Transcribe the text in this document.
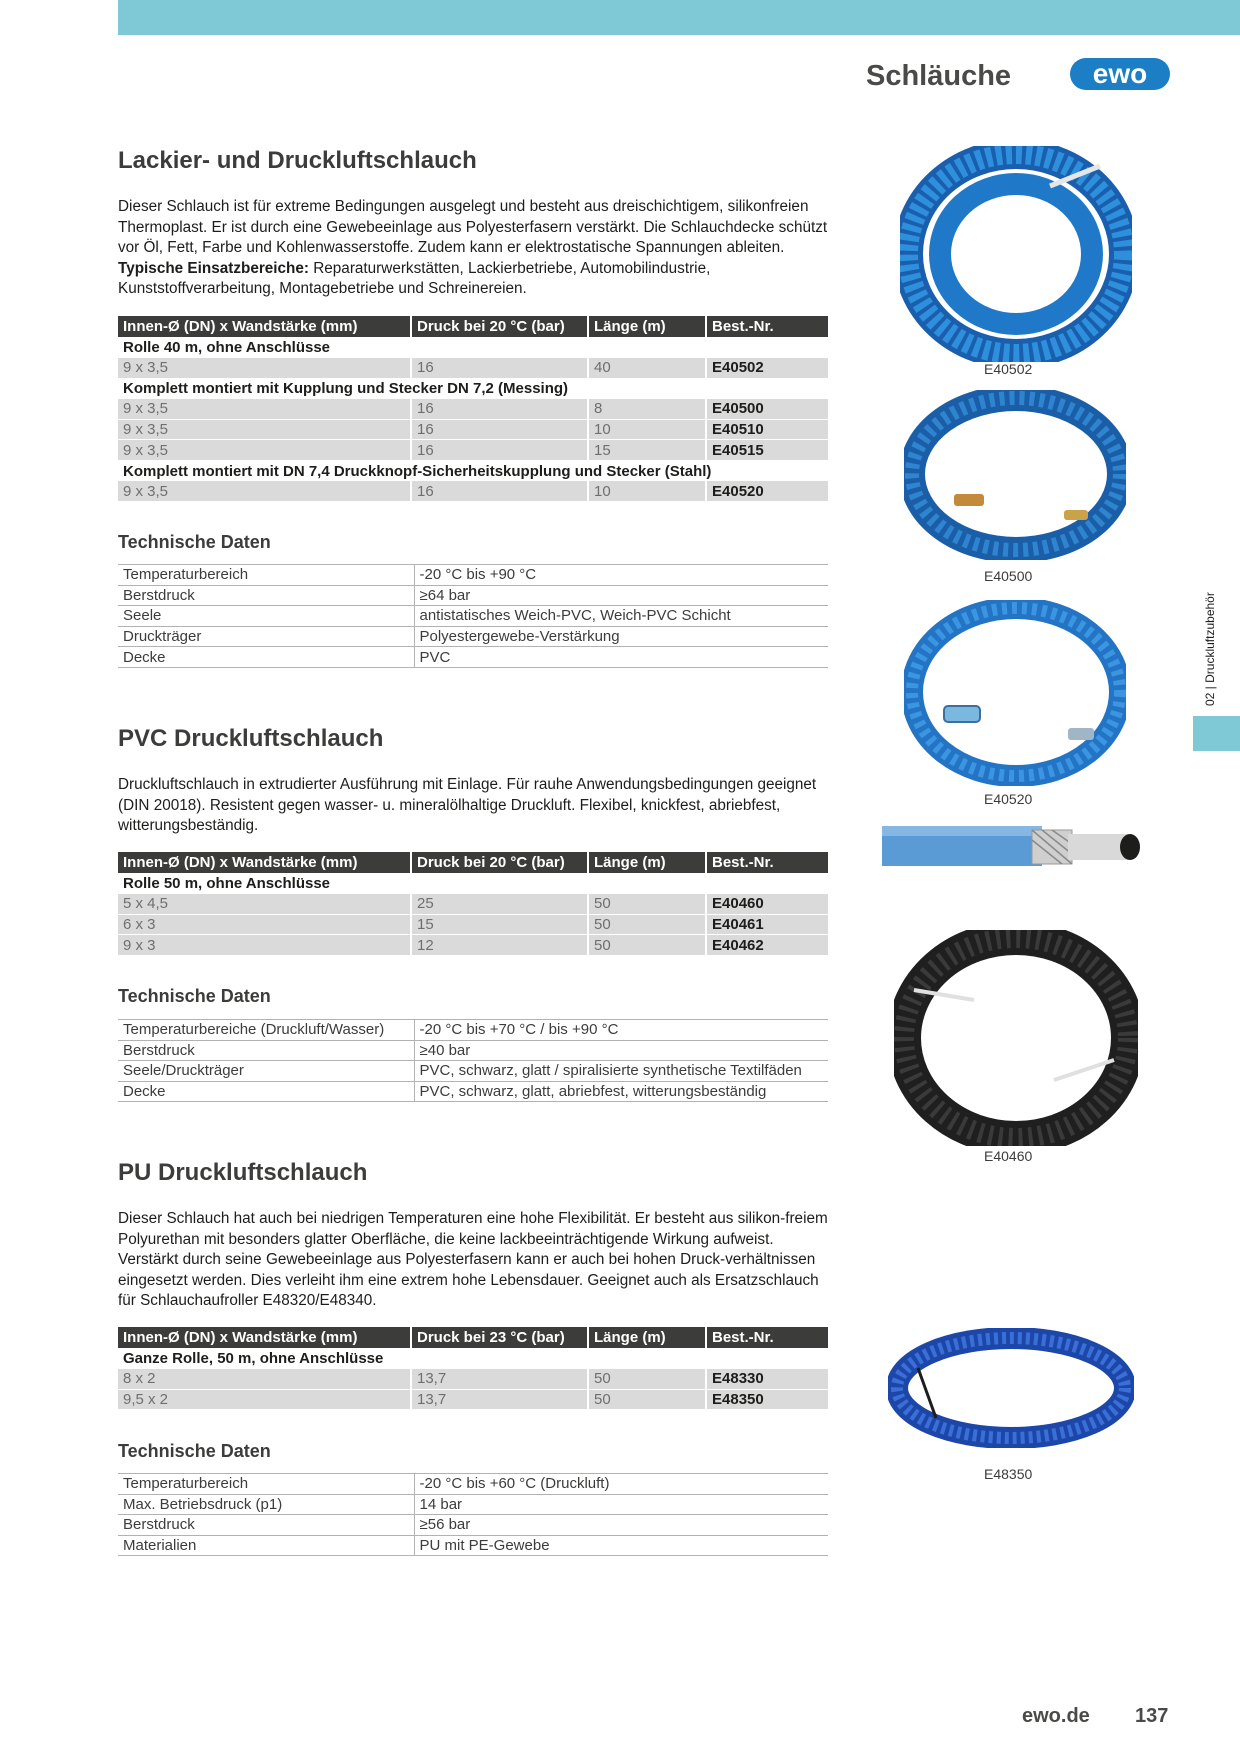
02 | Druckluftzubehör
Schläuche	ewo
Lackier- und Druckluftschlauch
Dieser Schlauch ist für extreme Bedingungen ausgelegt und besteht aus dreischichtigem, silikonfreien Thermoplast. Er ist durch eine Gewebeeinlage aus Polyesterfasern verstärkt. Die Schlauchdecke schützt vor Öl, Fett, Farbe und Kohlenwasserstoffe. Zudem kann er elektrostatische Spannungen ableiten. Typische Einsatzbereiche: Reparaturwerkstätten, Lackierbetriebe, Automobilindustrie, Kunststoffverarbeitung, Montagebetriebe und Schreinereien.
Innen-Ø (DN) x Wandstärke (mm)	Druck bei 20 °C (bar)	Länge (m)	Best.-Nr.
Rolle 40 m, ohne Anschlüsse			
9 x 3,5	16	40	E40502
Komplett montiert mit Kupplung und Stecker DN 7,2 (Messing)			
9 x 3,5	16	8	E40500
9 x 3,5	16	10	E40510
9 x 3,5	16	15	E40515
Komplett montiert mit DN 7,4 Druckknopf-Sicherheitskupplung und Stecker (Stahl)			
9 x 3,5	16	10	E40520
Technische Daten
Temperaturbereich	-20 °C bis +90 °C
Berstdruck	≥64 bar
Seele	antistatisches Weich-PVC, Weich-PVC Schicht
Druckträger	Polyestergewebe-Verstärkung
Decke	PVC
PVC Druckluftschlauch
Druckluftschlauch in extrudierter Ausführung mit Einlage. Für rauhe Anwendungsbedingungen geeignet (DIN 20018). Resistent gegen wasser- u. mineralölhaltige Druckluft. Flexibel, knickfest, abriebfest, witterungsbeständig.
Innen-Ø (DN) x Wandstärke (mm)	Druck bei 20 °C (bar)	Länge (m)	Best.-Nr.
Rolle 50 m, ohne Anschlüsse			
5 x 4,5	25	50	E40460
6 x 3	15	50	E40461
9 x 3	12	50	E40462
Technische Daten
Temperaturbereiche (Druckluft/Wasser)	-20 °C bis +70 °C / bis +90 °C
Berstdruck	≥40 bar
Seele/Druckträger	PVC, schwarz, glatt / spiralisierte synthetische Textilfäden
Decke	PVC, schwarz, glatt, abriebfest, witterungsbeständig
PU Druckluftschlauch
Dieser Schlauch hat auch bei niedrigen Temperaturen eine hohe Flexibilität. Er besteht aus silikon-freiem Polyurethan mit besonders glatter Oberfläche, die keine lackbeeinträchtigende Wirkung aufweist. Verstärkt durch seine Gewebeeinlage aus Polyesterfasern kann er auch bei hohen Druck-verhältnissen eingesetzt werden. Dies verleiht ihm eine extrem hohe Lebensdauer. Geeignet auch als Ersatzschlauch für Schlauchaufroller E48320/E48340.
Innen-Ø (DN) x Wandstärke (mm)	Druck bei 23 °C (bar)	Länge (m)	Best.-Nr.
Ganze Rolle, 50 m, ohne Anschlüsse			
8 x 2	13,7	50	E48330
9,5 x 2	13,7	50	E48350
Technische Daten
Temperaturbereich	-20 °C bis +60 °C (Druckluft)
Max. Betriebsdruck (p1)	14 bar
Berstdruck	≥56 bar
Materialien	PU mit PE-Gewebe
E40502
E40500
E40520
E40460
E48350
ewo.de 137
